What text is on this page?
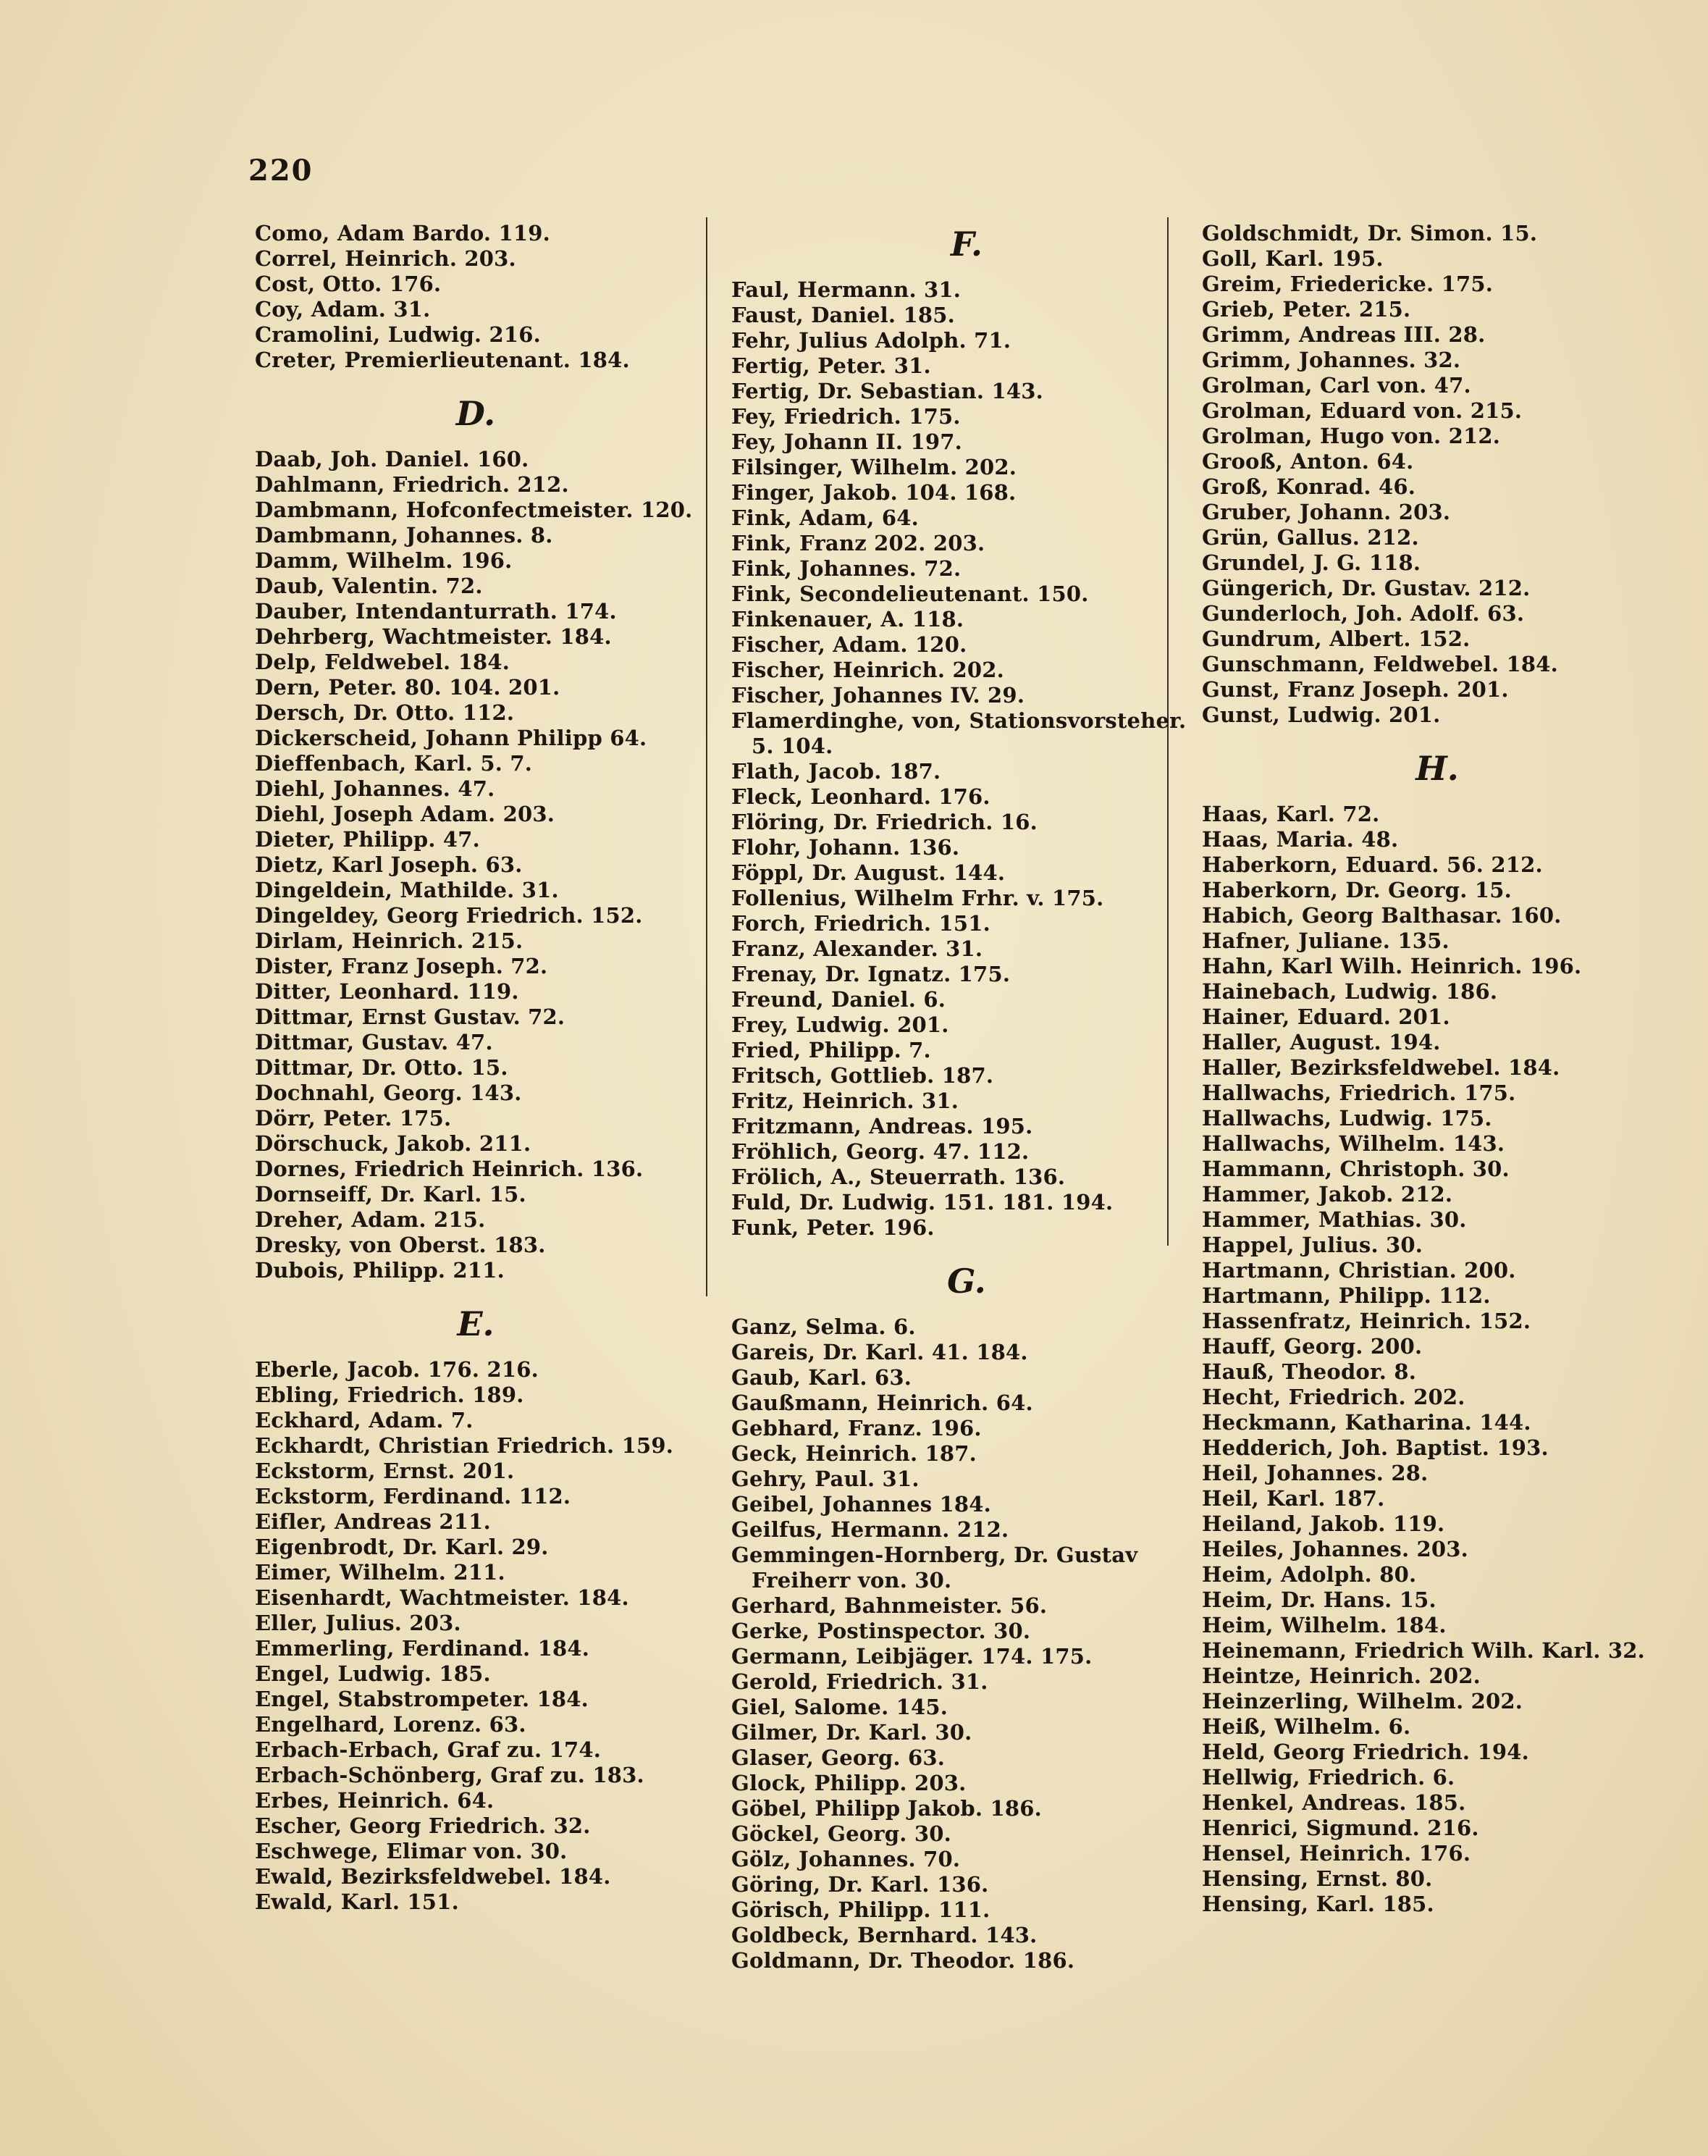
220
Como, Adam Bardo. 119.
Correl, Heinrich. 203.
Cost, Otto. 176.
Coy, Adam. 31.
Cramolini, Ludwig. 216.
Creter, Premierlieutenant. 184.
D.
Daab, Joh. Daniel. 160.
Dahlmann, Friedrich. 212.
Dambmann, Hofconfectmeister. 120.
Dambmann, Johannes. 8.
Damm, Wilhelm. 196.
Daub, Valentin. 72.
Dauber, Intendanturrath. 174.
Dehrberg, Wachtmeister. 184.
Delp, Feldwebel. 184.
Dern, Peter. 80. 104. 201.
Dersch, Dr. Otto. 112.
Dickerscheid, Johann Philipp 64.
Dieffenbach, Karl. 5. 7.
Diehl, Johannes. 47.
Diehl, Joseph Adam. 203.
Dieter, Philipp. 47.
Dietz, Karl Joseph. 63.
Dingeldein, Mathilde. 31.
Dingeldey, Georg Friedrich. 152.
Dirlam, Heinrich. 215.
Dister, Franz Joseph. 72.
Ditter, Leonhard. 119.
Dittmar, Ernst Gustav. 72.
Dittmar, Gustav. 47.
Dittmar, Dr. Otto. 15.
Dochnahl, Georg. 143.
Dörr, Peter. 175.
Dörschuck, Jakob. 211.
Dornes, Friedrich Heinrich. 136.
Dornseiff, Dr. Karl. 15.
Dreher, Adam. 215.
Dresky, von Oberst. 183.
Dubois, Philipp. 211.
E.
Eberle, Jacob. 176. 216.
Ebling, Friedrich. 189.
Eckhard, Adam. 7.
Eckhardt, Christian Friedrich. 159.
Eckstorm, Ernst. 201.
Eckstorm, Ferdinand. 112.
Eifler, Andreas 211.
Eigenbrodt, Dr. Karl. 29.
Eimer, Wilhelm. 211.
Eisenhardt, Wachtmeister. 184.
Eller, Julius. 203.
Emmerling, Ferdinand. 184.
Engel, Ludwig. 185.
Engel, Stabstrompeter. 184.
Engelhard, Lorenz. 63.
Erbach-Erbach, Graf zu. 174.
Erbach-Schönberg, Graf zu. 183.
Erbes, Heinrich. 64.
Escher, Georg Friedrich. 32.
Eschwege, Elimar von. 30.
Ewald, Bezirksfeldwebel. 184.
Ewald, Karl. 151.
F.
Faul, Hermann. 31.
Faust, Daniel. 185.
Fehr, Julius Adolph. 71.
Fertig, Peter. 31.
Fertig, Dr. Sebastian. 143.
Fey, Friedrich. 175.
Fey, Johann II. 197.
Filsinger, Wilhelm. 202.
Finger, Jakob. 104. 168.
Fink, Adam, 64.
Fink, Franz 202. 203.
Fink, Johannes. 72.
Fink, Secondelieutenant. 150.
Finkenauer, A. 118.
Fischer, Adam. 120.
Fischer, Heinrich. 202.
Fischer, Johannes IV. 29.
Flamerdinghe, von, Stationsvorsteher. 5. 104.
Flath, Jacob. 187.
Fleck, Leonhard. 176.
Flöring, Dr. Friedrich. 16.
Flohr, Johann. 136.
Föppl, Dr. August. 144.
Follenius, Wilhelm Frhr. v. 175.
Forch, Friedrich. 151.
Franz, Alexander. 31.
Frenay, Dr. Ignatz. 175.
Freund, Daniel. 6.
Frey, Ludwig. 201.
Fried, Philipp. 7.
Fritsch, Gottlieb. 187.
Fritz, Heinrich. 31.
Fritzmann, Andreas. 195.
Fröhlich, Georg. 47. 112.
Frölich, A., Steuerrath. 136.
Fuld, Dr. Ludwig. 151. 181. 194.
Funk, Peter. 196.
G.
Ganz, Selma. 6.
Gareis, Dr. Karl. 41. 184.
Gaub, Karl. 63.
Gaußmann, Heinrich. 64.
Gebhard, Franz. 196.
Geck, Heinrich. 187.
Gehry, Paul. 31.
Geibel, Johannes 184.
Geilfus, Hermann. 212.
Gemmingen-Hornberg, Dr. Gustav Freiherr von. 30.
Gerhard, Bahnmeister. 56.
Gerke, Postinspector. 30.
Germann, Leibjäger. 174. 175.
Gerold, Friedrich. 31.
Giel, Salome. 145.
Gilmer, Dr. Karl. 30.
Glaser, Georg. 63.
Glock, Philipp. 203.
Göbel, Philipp Jakob. 186.
Göckel, Georg. 30.
Gölz, Johannes. 70.
Göring, Dr. Karl. 136.
Görisch, Philipp. 111.
Goldbeck, Bernhard. 143.
Goldmann, Dr. Theodor. 186.
Goldschmidt, Dr. Simon. 15.
Goll, Karl. 195.
Greim, Friedericke. 175.
Grieb, Peter. 215.
Grimm, Andreas III. 28.
Grimm, Johannes. 32.
Grolman, Carl von. 47.
Grolman, Eduard von. 215.
Grolman, Hugo von. 212.
Grooß, Anton. 64.
Groß, Konrad. 46.
Gruber, Johann. 203.
Grün, Gallus. 212.
Grundel, J. G. 118.
Güngerich, Dr. Gustav. 212.
Gunderloch, Joh. Adolf. 63.
Gundrum, Albert. 152.
Gunschmann, Feldwebel. 184.
Gunst, Franz Joseph. 201.
Gunst, Ludwig. 201.
H.
Haas, Karl. 72.
Haas, Maria. 48.
Haberkorn, Eduard. 56. 212.
Haberkorn, Dr. Georg. 15.
Habich, Georg Balthasar. 160.
Hafner, Juliane. 135.
Hahn, Karl Wilh. Heinrich. 196.
Hainebach, Ludwig. 186.
Hainer, Eduard. 201.
Haller, August. 194.
Haller, Bezirksfeldwebel. 184.
Hallwachs, Friedrich. 175.
Hallwachs, Ludwig. 175.
Hallwachs, Wilhelm. 143.
Hammann, Christoph. 30.
Hammer, Jakob. 212.
Hammer, Mathias. 30.
Happel, Julius. 30.
Hartmann, Christian. 200.
Hartmann, Philipp. 112.
Hassenfratz, Heinrich. 152.
Hauff, Georg. 200.
Hauß, Theodor. 8.
Hecht, Friedrich. 202.
Heckmann, Katharina. 144.
Hedderich, Joh. Baptist. 193.
Heil, Johannes. 28.
Heil, Karl. 187.
Heiland, Jakob. 119.
Heiles, Johannes. 203.
Heim, Adolph. 80.
Heim, Dr. Hans. 15.
Heim, Wilhelm. 184.
Heinemann, Friedrich Wilh. Karl. 32.
Heintze, Heinrich. 202.
Heinzerling, Wilhelm. 202.
Heiß, Wilhelm. 6.
Held, Georg Friedrich. 194.
Hellwig, Friedrich. 6.
Henkel, Andreas. 185.
Henrici, Sigmund. 216.
Hensel, Heinrich. 176.
Hensing, Ernst. 80.
Hensing, Karl. 185.
